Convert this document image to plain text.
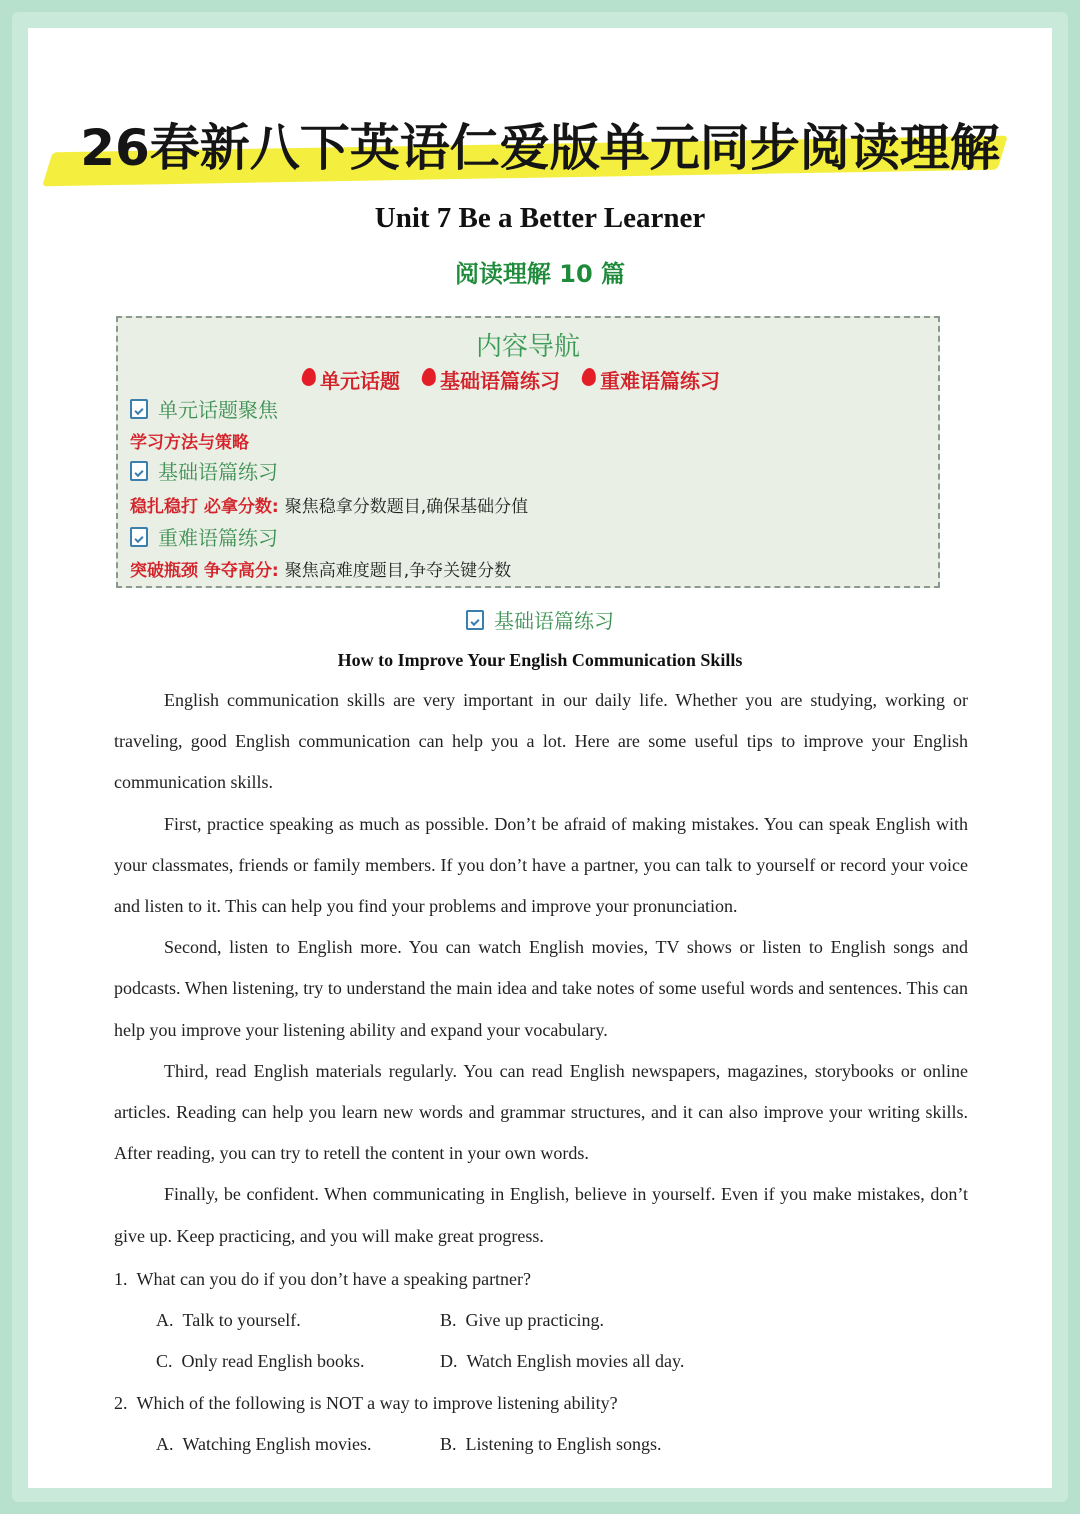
26春新八下英语仁爱版单元同步阅读理解
Unit 7 Be a Better Learner
阅读理解 10 篇
内容导航
单元话题 基础语篇练习 重难语篇练习
单元话题聚焦
学习方法与策略
基础语篇练习
稳扎稳打 必拿分数: 聚焦稳拿分数题目,确保基础分值
重难语篇练习
突破瓶颈 争夺高分: 聚焦高难度题目,争夺关键分数
基础语篇练习
How to Improve Your English Communication Skills

English communication skills are very important in our daily life. Whether you are studying, working or traveling, good English communication can help you a lot. Here are some useful tips to improve your English communication skills.

First, practice speaking as much as possible. Don’t be afraid of making mistakes. You can speak English with your classmates, friends or family members. If you don’t have a partner, you can talk to yourself or record your voice and listen to it. This can help you find your problems and improve your pronunciation.

Second, listen to English more. You can watch English movies, TV shows or listen to English songs and podcasts. When listening, try to understand the main idea and take notes of some useful words and sentences. This can help you improve your listening ability and expand your vocabulary.

Third, read English materials regularly. You can read English newspapers, magazines, storybooks or online articles. Reading can help you learn new words and grammar structures, and it can also improve your writing skills. After reading, you can try to retell the content in your own words.

Finally, be confident. When communicating in English, believe in yourself. Even if you make mistakes, don’t give up. Keep practicing, and you will make great progress.

1.  What can you do if you don’t have a speaking partner?

A.  Talk to yourself.	B.  Give up practicing.
C.  Only read English books.	D.  Watch English movies all day.

2.  Which of the following is NOT a way to improve listening ability?

A.  Watching English movies.	B.  Listening to English songs.
